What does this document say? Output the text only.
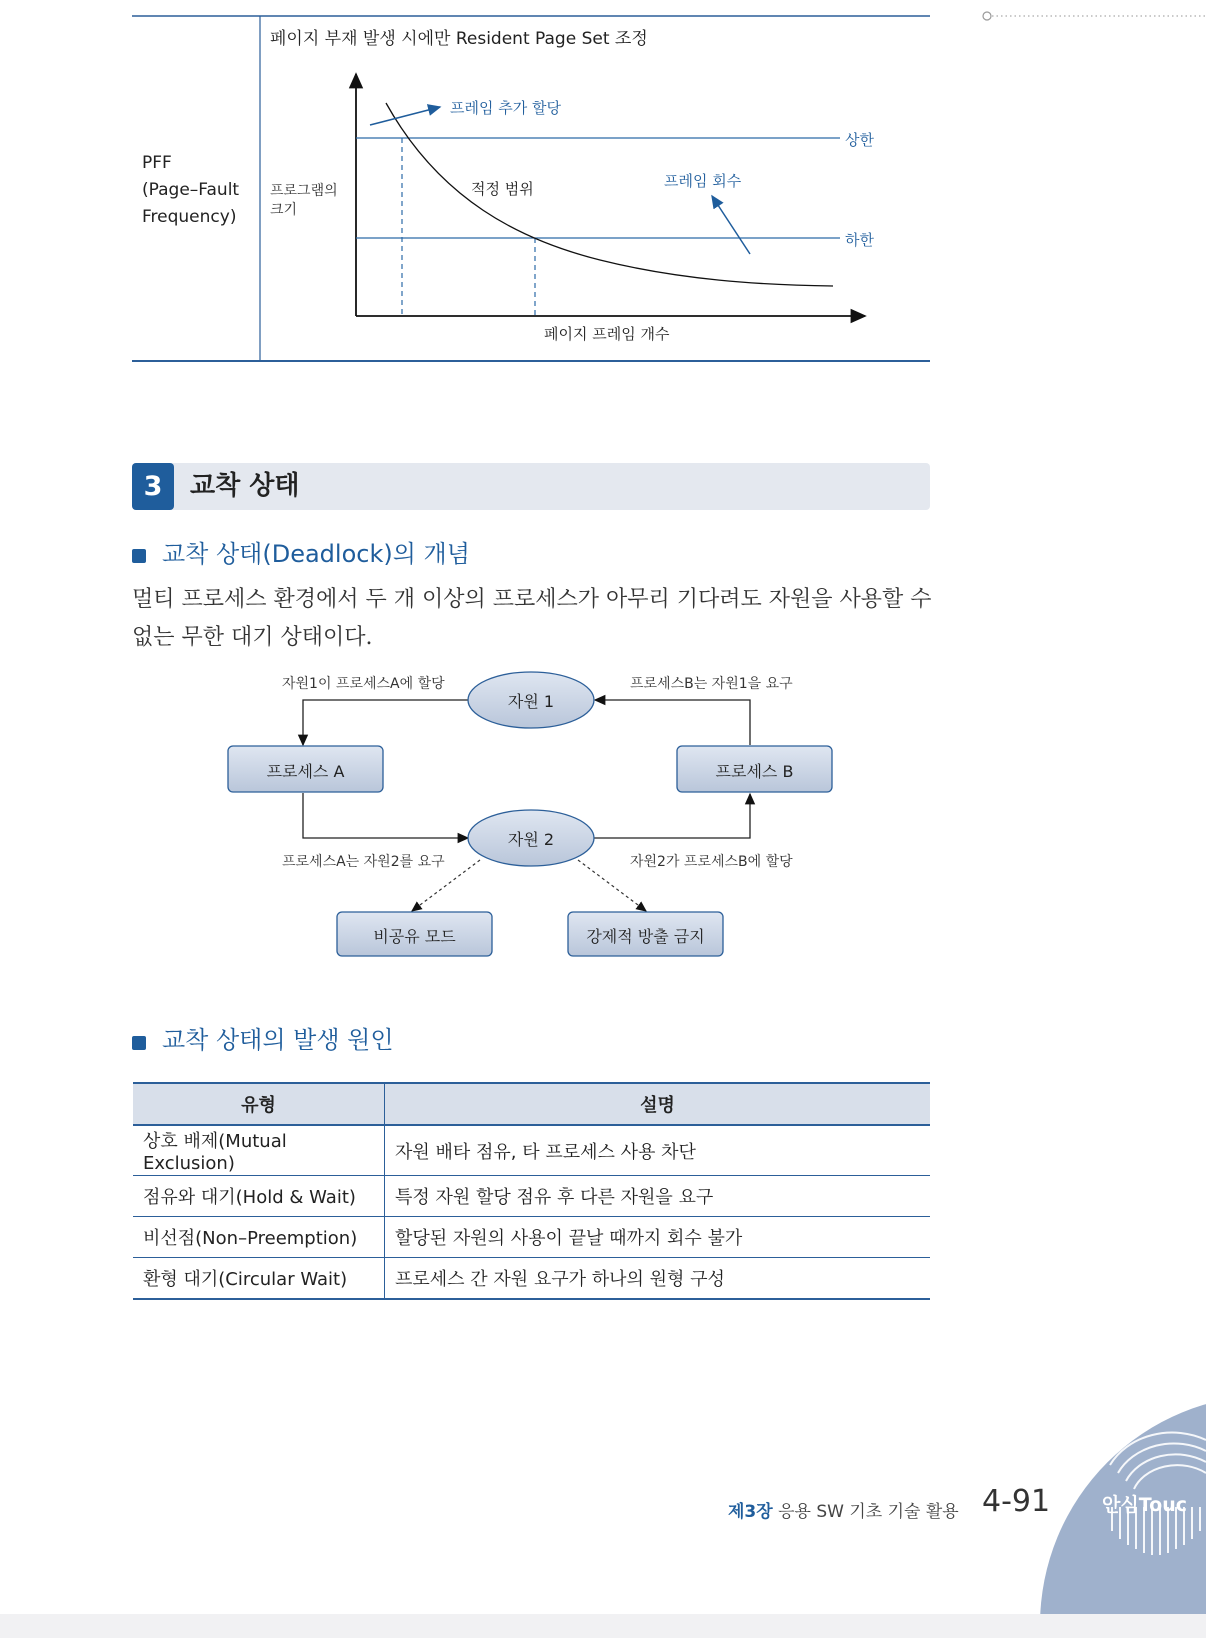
PFF
(Page–Fault
Frequency)
페이지 부재 발생 시에만 Resident Page Set 조정
프로그램의
크기
프레임 추가 할당
적정 범위	프레임 회수
상한
하한
페이지 프레임 개수
3	교착 상태
교착 상태(Deadlock)의 개념
멀티 프로세스 환경에서 두 개 이상의 프로세스가 아무리 기다려도 자원을 사용할 수 없는 무한 대기 상태이다.
자원 1
자원 2
프로세스 A	프로세스 B
비공유 모드	강제적 방출 금지
자원1이 프로세스A에 할당	프로세스B는 자원1을 요구
프로세스A는 자원2를 요구	자원2가 프로세스B에 할당
교착 상태의 발생 원인
유형	설명
상호 배제(Mutual Exclusion)	자원 배타 점유, 타 프로세스 사용 차단
점유와 대기(Hold & Wait)	특정 자원 할당 점유 후 다른 자원을 요구
비선점(Non–Preemption)	할당된 자원의 사용이 끝날 때까지 회수 불가
환형 대기(Circular Wait)	프로세스 간 자원 요구가 하나의 원형 구성
제3장 응용 SW 기초 기술 활용 4-91	안심Touc
